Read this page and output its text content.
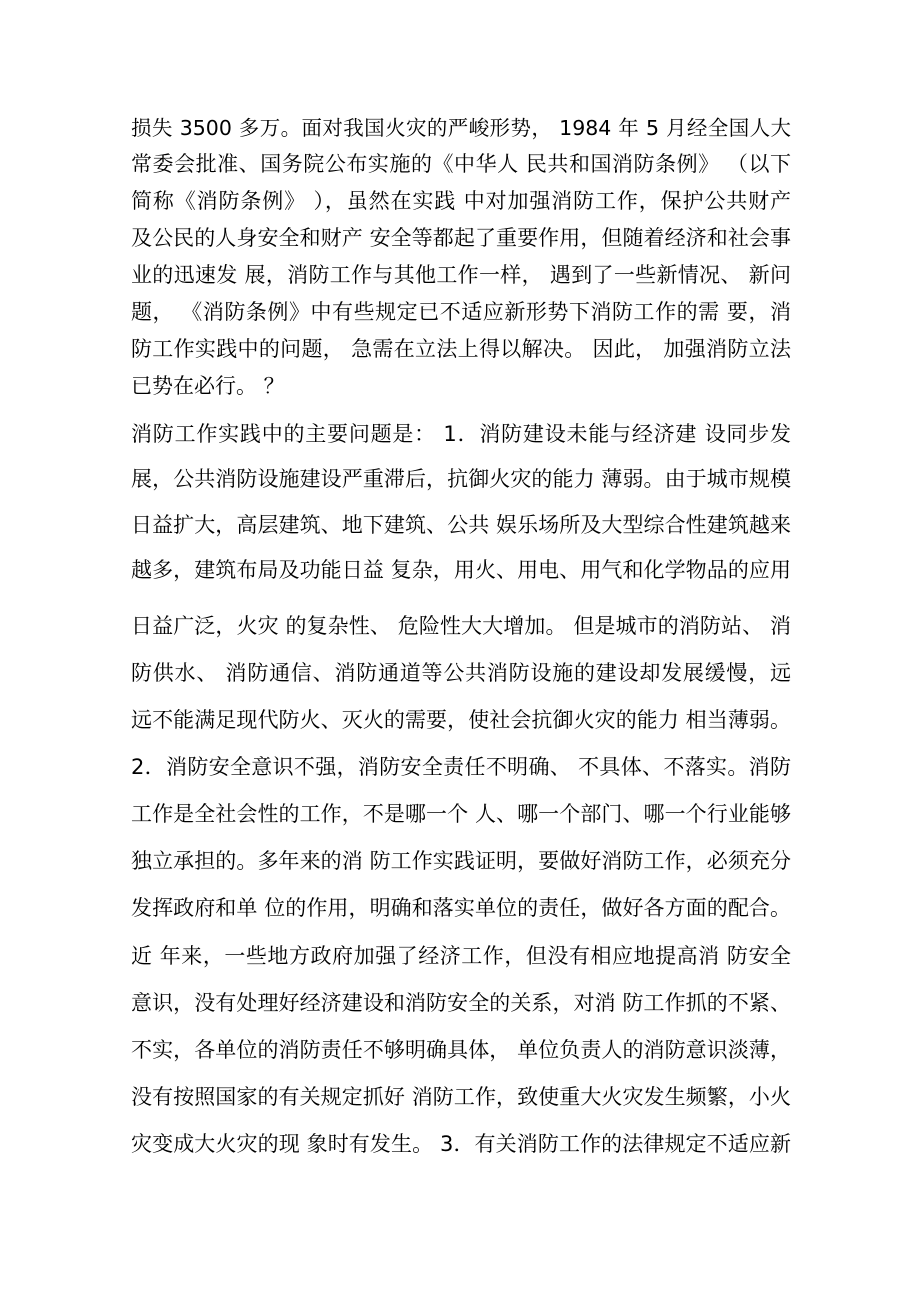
损失 3500 多万。面对我国火灾的严峻形势， 1984 年 5 月经全国人大
常委会批准、国务院公布实施的《中华人 民共和国消防条例》 （以下
简称《消防条例》 ），虽然在实践 中对加强消防工作，保护公共财产
及公民的人身安全和财产 安全等都起了重要作用，但随着经济和社会事
业的迅速发 展，消防工作与其他工作一样， 遇到了一些新情况、 新问
题， 《消防条例》中有些规定已不适应新形势下消防工作的需 要，消
防工作实践中的问题， 急需在立法上得以解决。 因此， 加强消防立法
已势在必行。 ？
消防工作实践中的主要问题是： 1．消防建设未能与经济建 设同步发
展，公共消防设施建设严重滞后，抗御火灾的能力 薄弱。由于城市规模
日益扩大，高层建筑、地下建筑、公共 娱乐场所及大型综合性建筑越来
越多，建筑布局及功能日益 复杂，用火、用电、用气和化学物品的应用
日益广泛，火灾 的复杂性、 危险性大大增加。 但是城市的消防站、 消
防供水、 消防通信、消防通道等公共消防设施的建设却发展缓慢，远
远不能满足现代防火、灭火的需要，使社会抗御火灾的能力 相当薄弱。
2．消防安全意识不强，消防安全责任不明确、 不具体、不落实。消防
工作是全社会性的工作，不是哪一个 人、哪一个部门、哪一个行业能够
独立承担的。多年来的消 防工作实践证明，要做好消防工作，必须充分
发挥政府和单 位的作用，明确和落实单位的责任，做好各方面的配合。
近 年来，一些地方政府加强了经济工作，但没有相应地提高消 防安全
意识，没有处理好经济建设和消防安全的关系，对消 防工作抓的不紧、
不实，各单位的消防责任不够明确具体， 单位负责人的消防意识淡薄，
没有按照国家的有关规定抓好 消防工作，致使重大火灾发生频繁，小火
灾变成大火灾的现 象时有发生。 3．有关消防工作的法律规定不适应新
